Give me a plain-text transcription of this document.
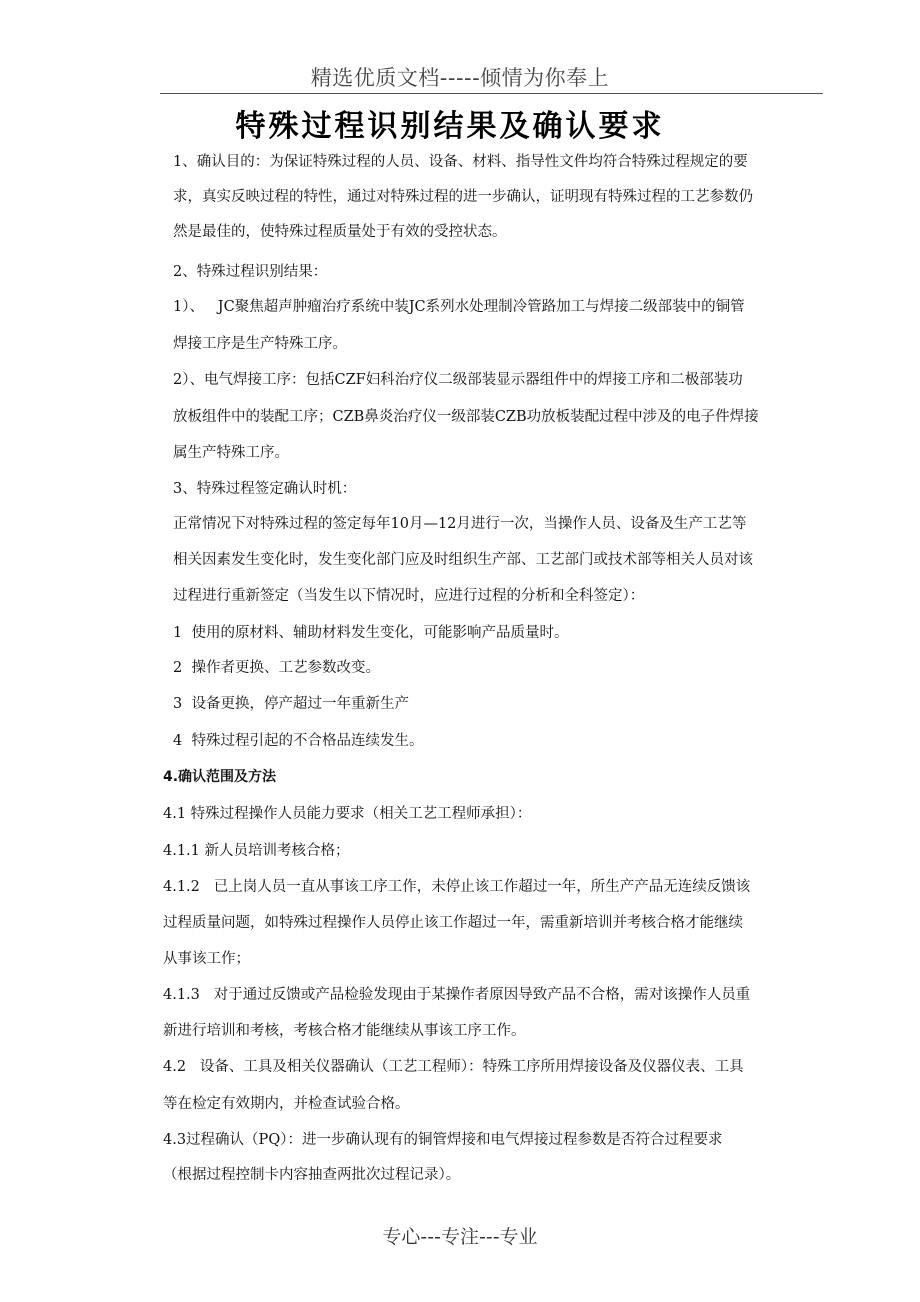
精选优质文档-----倾情为你奉上
特殊过程识别结果及确认要求
1、确认目的：为保证特殊过程的人员、设备、材料、指导性文件均符合特殊过程规定的要
求，真实反映过程的特性，通过对特殊过程的进一步确认，证明现有特殊过程的工艺参数仍
然是最佳的，使特殊过程质量处于有效的受控状态。
2、特殊过程识别结果：
1）、   JC聚焦超声肿瘤治疗系统中装JC系列水处理制冷管路加工与焊接二级部装中的铜管
焊接工序是生产特殊工序。
2）、电气焊接工序：包括CZF妇科治疗仪二级部装显示器组件中的焊接工序和二极部装功
放板组件中的装配工序；CZB鼻炎治疗仪一级部装CZB功放板装配过程中涉及的电子件焊接
属生产特殊工序。
3、特殊过程签定确认时机：
正常情况下对特殊过程的签定每年10月—12月进行一次，当操作人员、设备及生产工艺等
相关因素发生变化时，发生变化部门应及时组织生产部、工艺部门或技术部等相关人员对该
过程进行重新签定（当发生以下情况时，应进行过程的分析和全科签定）：
1  使用的原材料、辅助材料发生变化，可能影响产品质量时。
2  操作者更换、工艺参数改变。
3  设备更换，停产超过一年重新生产
4  特殊过程引起的不合格品连续发生。
4.确认范围及方法
4.1 特殊过程操作人员能力要求（相关工艺工程师承担）：
4.1.1 新人员培训考核合格；
4.1.2   已上岗人员一直从事该工序工作，未停止该工作超过一年，所生产产品无连续反馈该
过程质量问题，如特殊过程操作人员停止该工作超过一年，需重新培训并考核合格才能继续
从事该工作；
4.1.3   对于通过反馈或产品检验发现由于某操作者原因导致产品不合格，需对该操作人员重
新进行培训和考核，考核合格才能继续从事该工序工作。
4.2   设备、工具及相关仪器确认（工艺工程师）：特殊工序所用焊接设备及仪器仪表、工具
等在检定有效期内，并检查试验合格。
4.3过程确认（PQ）：进一步确认现有的铜管焊接和电气焊接过程参数是否符合过程要求
（根据过程控制卡内容抽查两批次过程记录）。
专心---专注---专业
